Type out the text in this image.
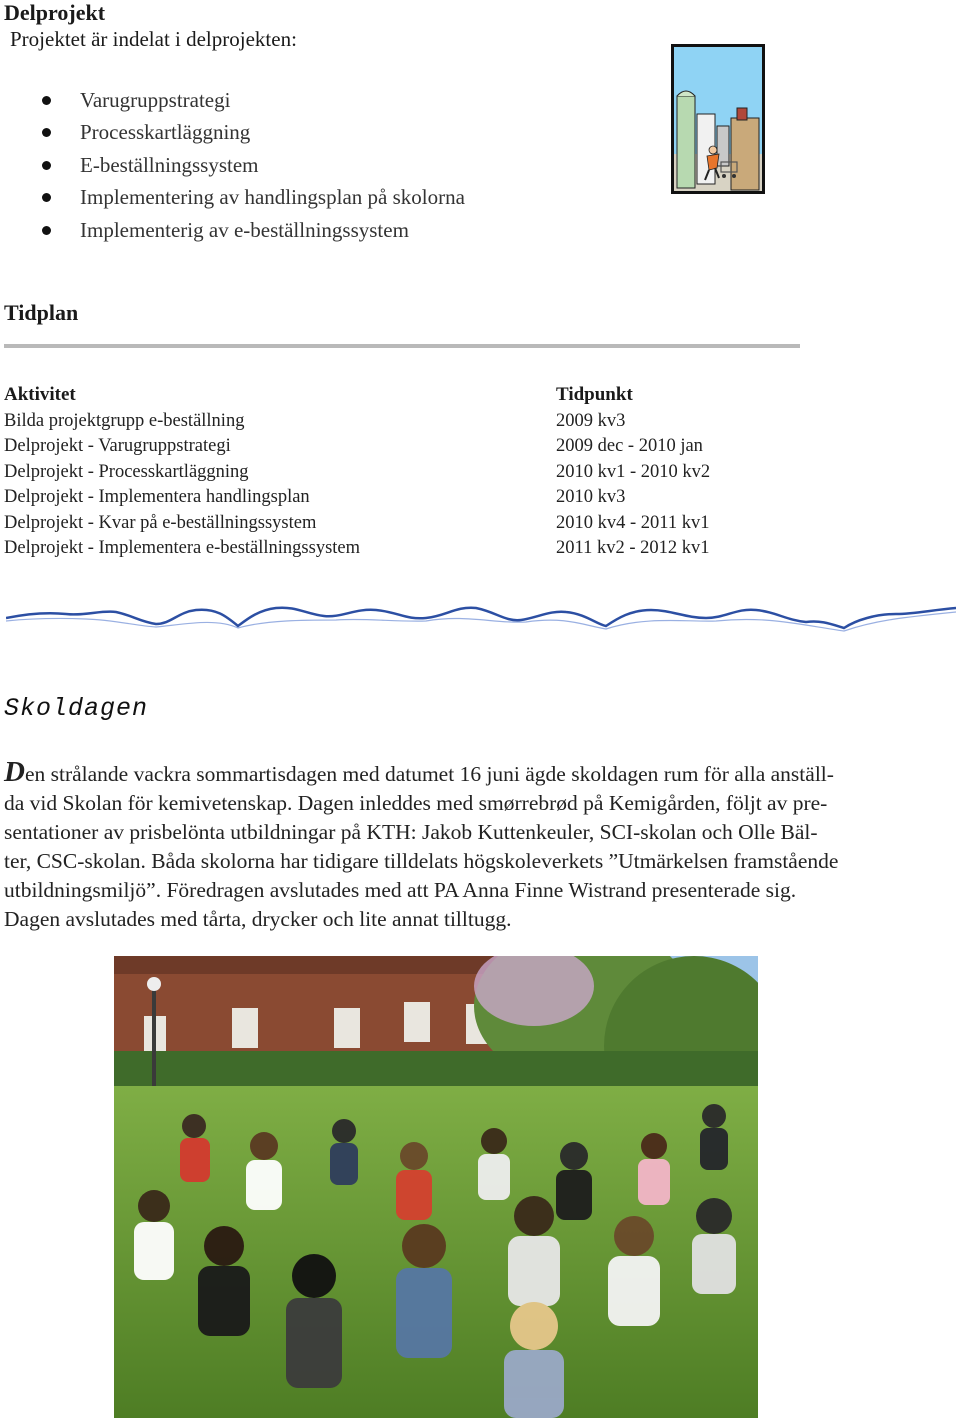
Delprojekt
Projektet är indelat i delprojekten:
Varugruppstrategi
Processkartläggning
E-beställningssystem
Implementering av handlingsplan på skolorna
Implementerig av e-beställningssystem
Tidplan
Aktivitet	Tidpunkt
Bilda projektgrupp e-beställning	2009 kv3
Delprojekt - Varugruppstrategi	2009 dec - 2010 jan
Delprojekt - Processkartläggning	2010 kv1 - 2010 kv2
Delprojekt - Implementera handlingsplan	2010 kv3
Delprojekt - Kvar på e-beställningssystem	2010 kv4 - 2011 kv1
Delprojekt - Implementera e-beställningssystem	2011 kv2 - 2012 kv1
Skoldagen
Den strålande vackra sommartisdagen med datumet 16 juni ägde skoldagen rum för alla anställ-
da vid Skolan för kemivetenskap. Dagen inleddes med smørrebrød på Kemigården, följt av pre-
sentationer av prisbelönta utbildningar på KTH: Jakob Kuttenkeuler, SCI-skolan och Olle Bäl-
ter, CSC-skolan. Båda skolorna har tidigare tilldelats högskoleverkets ”Utmärkelsen framstående
utbildningsmiljö”. Föredragen avslutades med att PA Anna Finne Wistrand presenterade sig.
Dagen avslutades med tårta, drycker och lite annat tilltugg.
